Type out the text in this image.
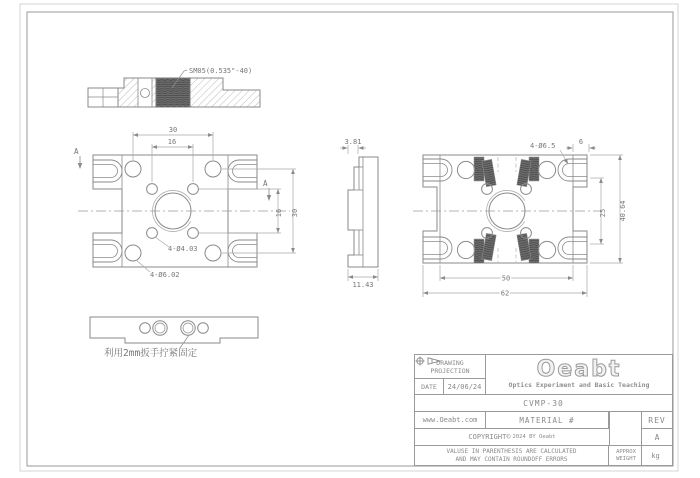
SM05(0.535"-40)
A
A
30
16
16 30
4-Ø4.03
4-Ø6.02
3.81
11.43
4-Ø6.5	6
25 40.64
50
62
利用2mm扳手拧紧固定
DRAWING
PROJECTION
DATE	24/06/24
Oeabt
Optics Experiment and Basic Teaching
CVMP-30
www.Oeabt.com	MATERIAL #	REV
COPYRIGHT© 2024 BY Oeabt	A
VALUSE IN PARENTHESIS ARE CALCULATED
AND MAY CONTAIN ROUNDOFF ERRORS
APPROX
WEIGHT	kg
